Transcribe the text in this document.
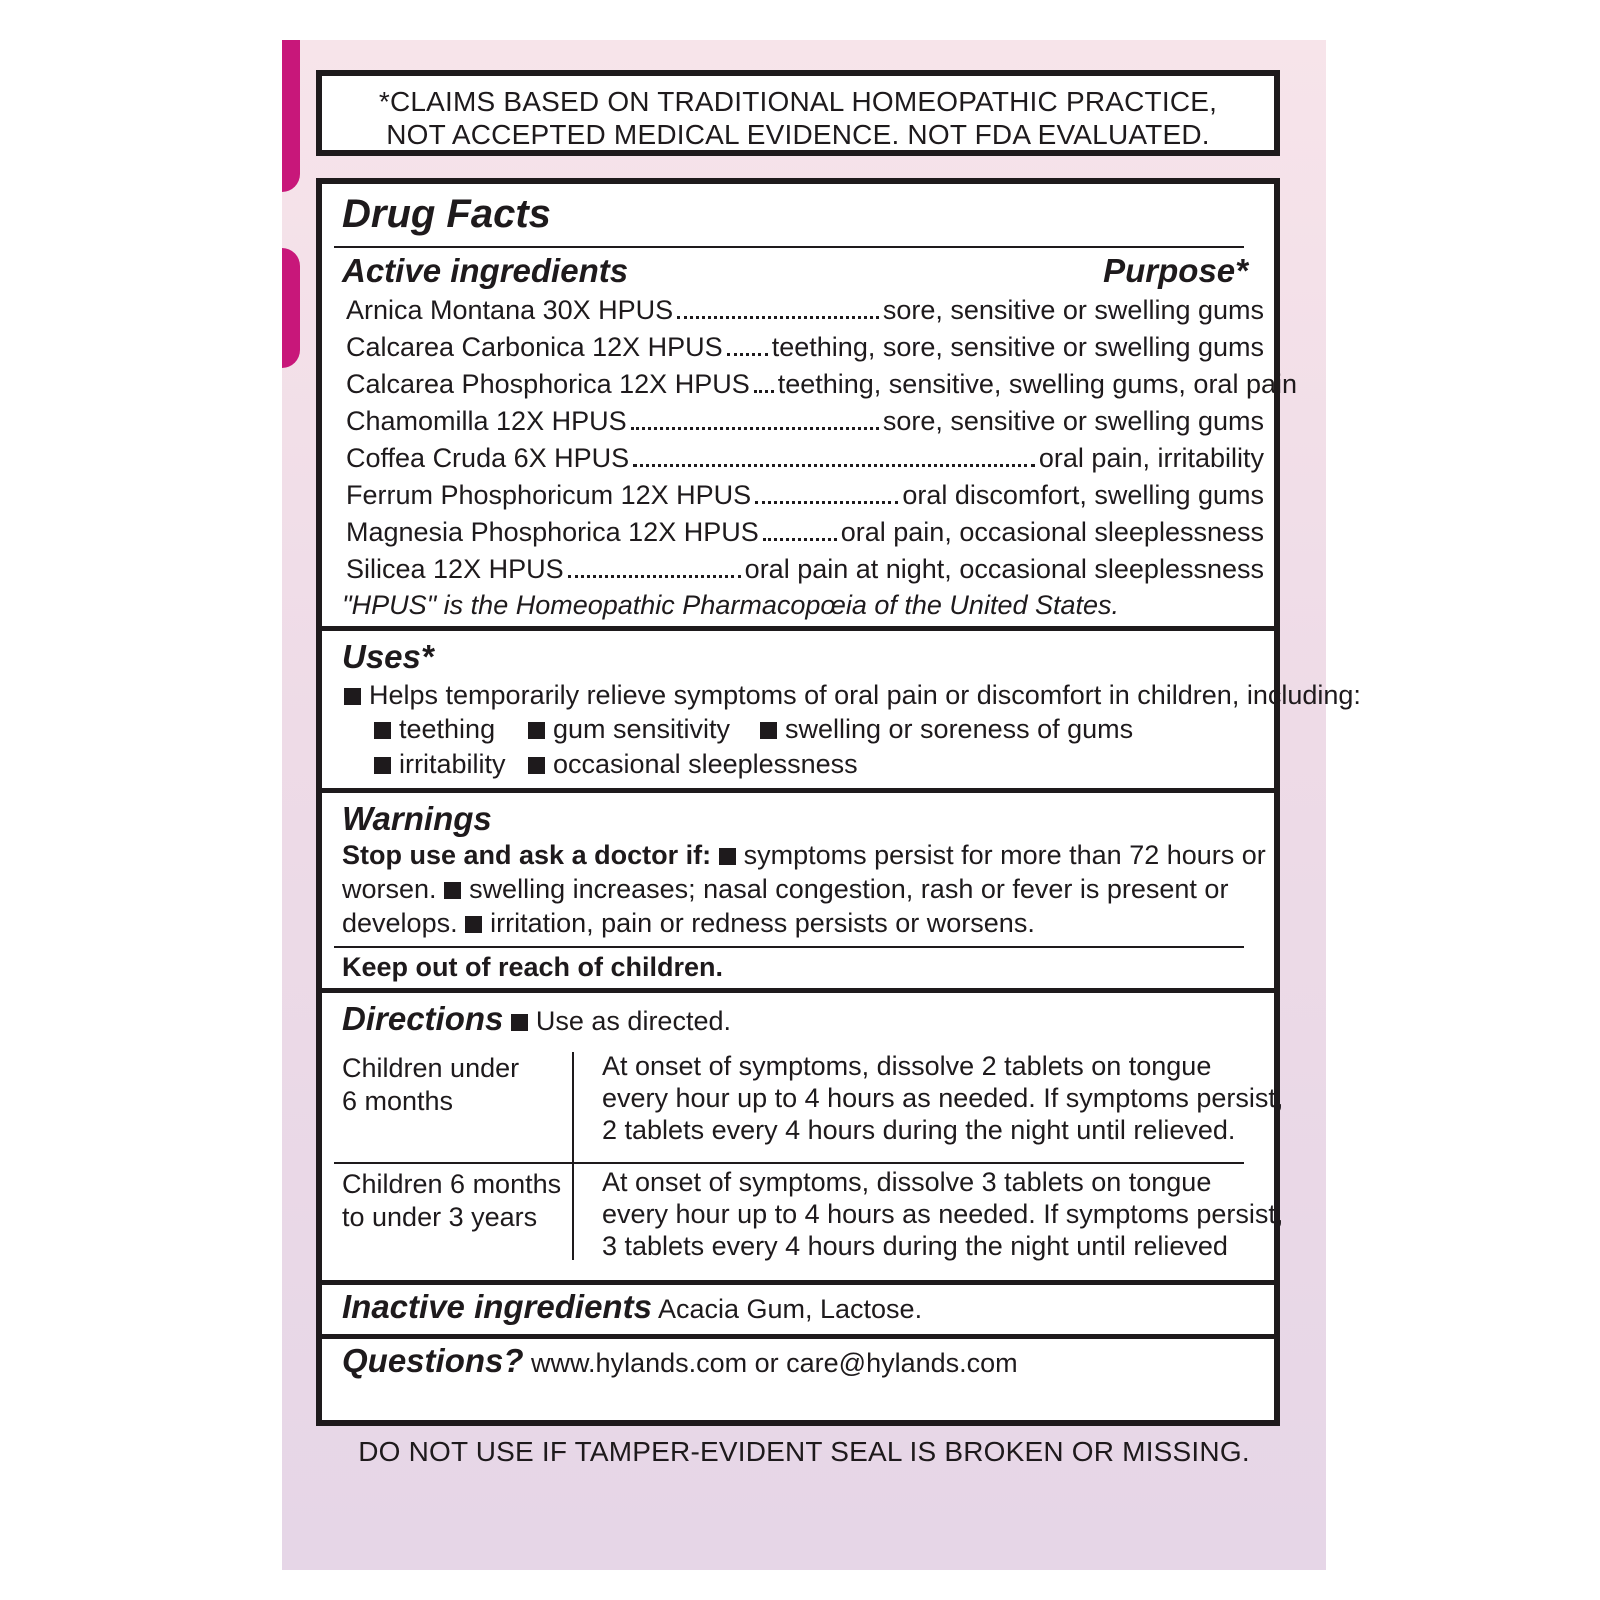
*CLAIMS BASED ON TRADITIONAL HOMEOPATHIC PRACTICE,
NOT ACCEPTED MEDICAL EVIDENCE. NOT FDA EVALUATED.
Drug Facts
Active ingredients	Purpose*
Arnica Montana 30X HPUS	sore, sensitive or swelling gums
Calcarea Carbonica 12X HPUS teething, sore, sensitive or swelling gums
Calcarea Phosphorica 12X HPUS teething, sensitive, swelling gums, oral pain
Chamomilla 12X HPUS	sore, sensitive or swelling gums
Coffea Cruda 6X HPUS	oral pain, irritability
Ferrum Phosphoricum 12X HPUS	oral discomfort, swelling gums
Magnesia Phosphorica 12X HPUS	oral pain, occasional sleeplessness
Silicea 12X HPUS	oral pain at night, occasional sleeplessness
"HPUS" is the Homeopathic Pharmacopœia of the United States.
Uses*
Helps temporarily relieve symptoms of oral pain or discomfort in children, including:
teething	gum sensitivity	swelling or soreness of gums
irritability	occasional sleeplessness
Warnings
Stop use and ask a doctor if: symptoms persist for more than 72 hours or
worsen. swelling increases; nasal congestion, rash or fever is present or
develops. irritation, pain or redness persists or worsens.
Keep out of reach of children.
Directions Use as directed.
Children under
6 months
At onset of symptoms, dissolve 2 tablets on tongue
every hour up to 4 hours as needed. If symptoms persist,
2 tablets every 4 hours during the night until relieved.
Children 6 months
to under 3 years
At onset of symptoms, dissolve 3 tablets on tongue
every hour up to 4 hours as needed. If symptoms persist,
3 tablets every 4 hours during the night until relieved
Inactive ingredients Acacia Gum, Lactose.
Questions? www.hylands.com or care@hylands.com
DO NOT USE IF TAMPER-EVIDENT SEAL IS BROKEN OR MISSING.
